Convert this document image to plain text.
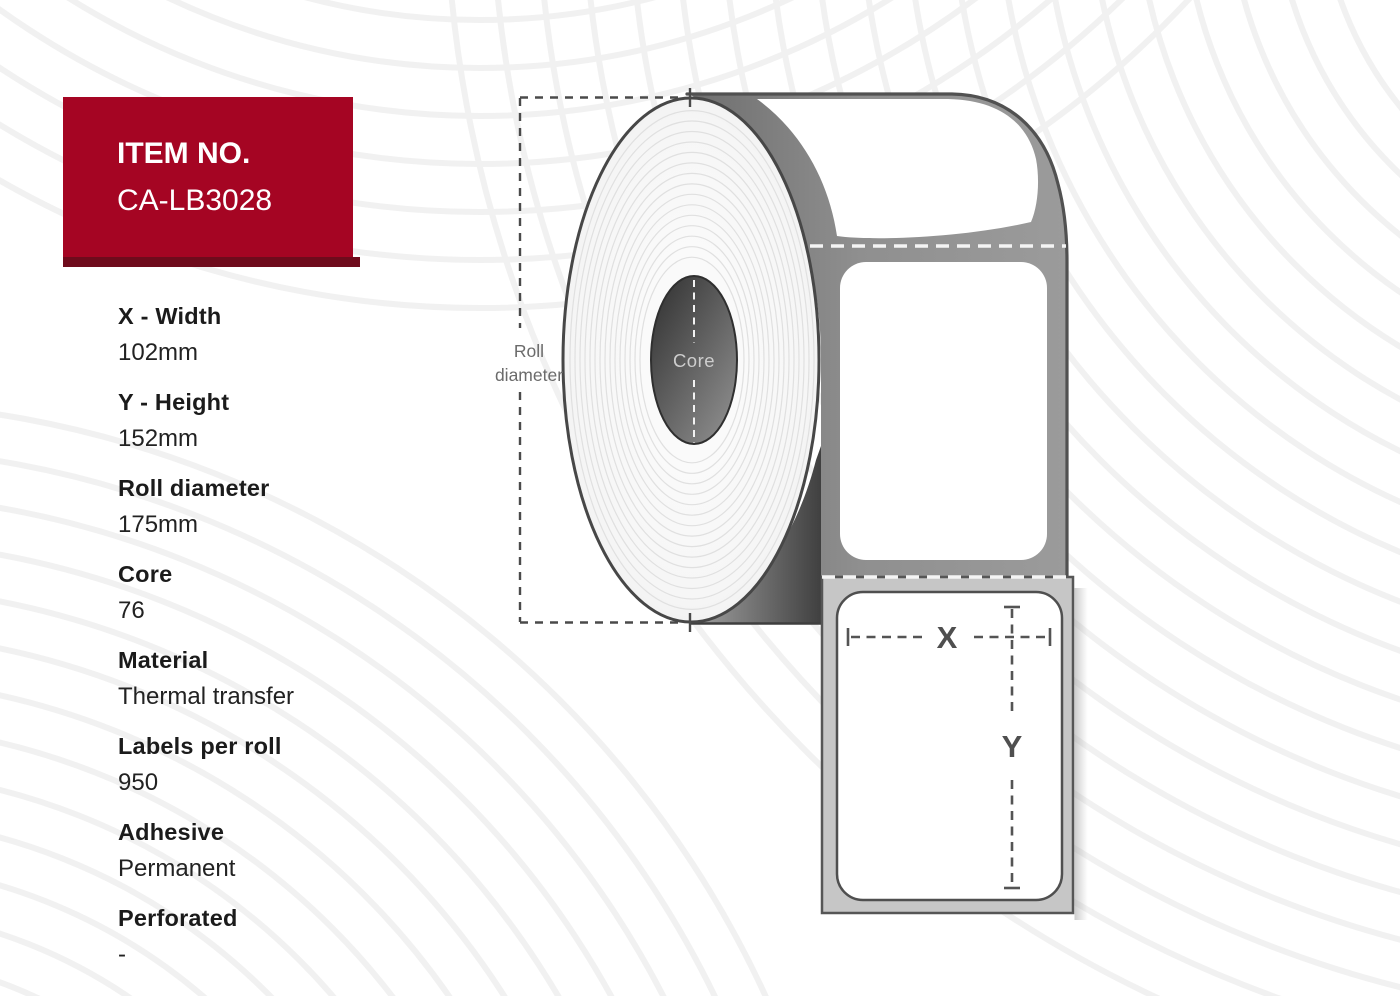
ITEM NO.
CA-LB3028
X - Width
102mm
Y - Height
152mm
Roll diameter
175mm
Core
76
Material
Thermal transfer
Labels per roll
950
Adhesive
Permanent
Perforated
-
Core
X
Y
Roll
diameter
